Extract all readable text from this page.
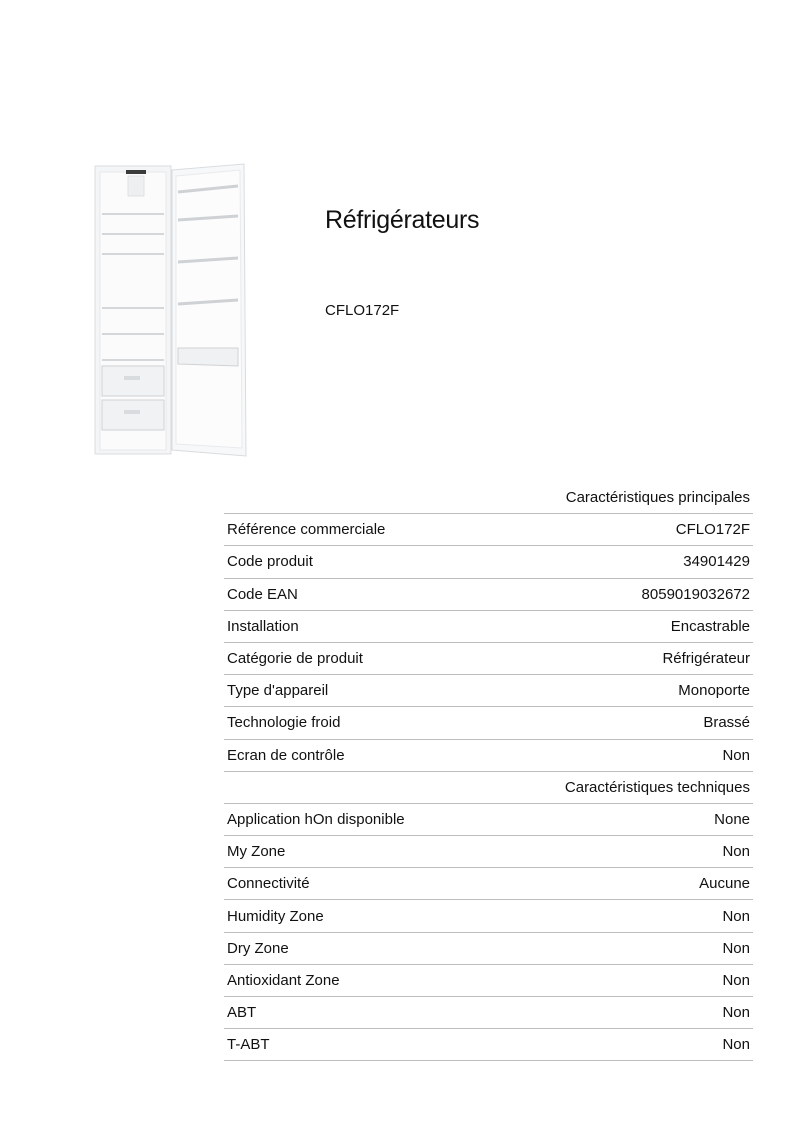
Réfrigérateurs
CFLO172F
Caractéristiques principales	
Référence commerciale	CFLO172F
Code produit	34901429
Code EAN	8059019032672
Installation	Encastrable
Catégorie de produit	Réfrigérateur
Type d'appareil	Monoporte
Technologie froid	Brassé
Ecran de contrôle	Non
Caractéristiques techniques	
Application hOn disponible	None
My Zone	Non
Connectivité	Aucune
Humidity Zone	Non
Dry Zone	Non
Antioxidant Zone	Non
ABT	Non
T-ABT	Non
